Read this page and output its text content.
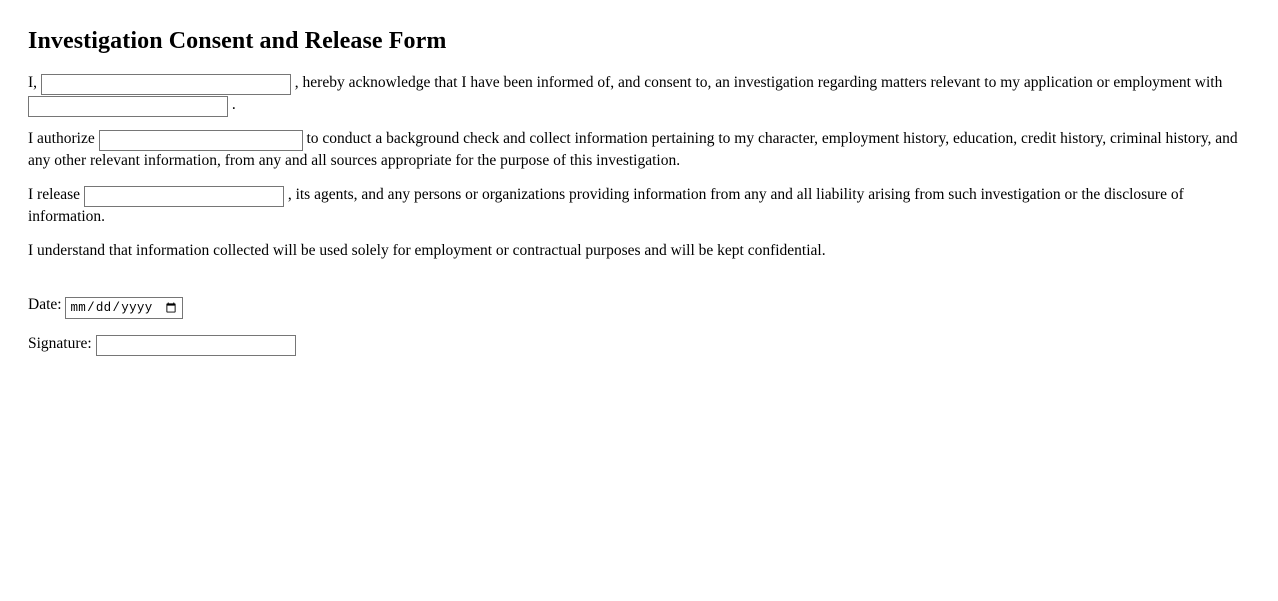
Investigation Consent and Release Form

I,	, hereby acknowledge that I have been informed of, and consent to, an investigation regarding matters relevant to my application or employment with  .

I authorize	to conduct a background check and collect information pertaining to my character, employment history, education, credit history, criminal history, and any other relevant information, from any and all sources appropriate for the purpose of this investigation.

I release	, its agents, and any persons or organizations providing information from any and all liability arising from such investigation or the disclosure of information.

I understand that information collected will be used solely for employment or contractual purposes and will be kept confidential.

Date:
Signature:
